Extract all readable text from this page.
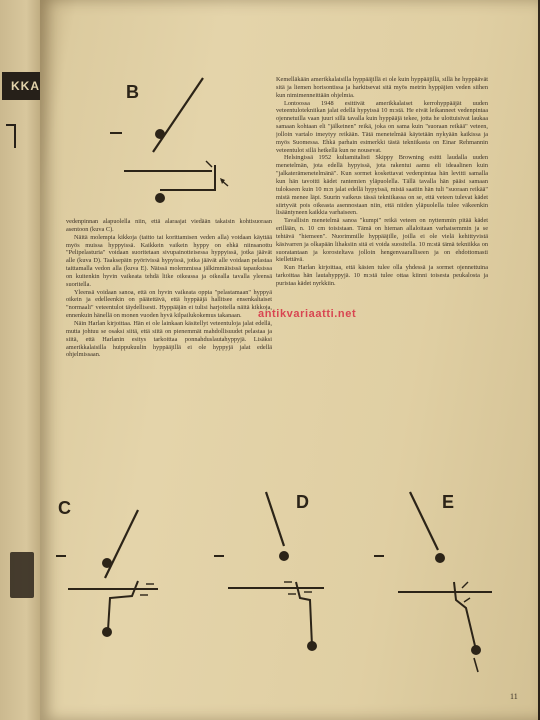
KKA	B

vedenpinnan alapuolella niin, että alaraajat viedään takaisin kohtisuoraan asentoon (kuva C).

Näitä molempia kikkoja (taitto tai korittamisen veden alla) voidaan käyttää myös muissa hyppyissä. Kaikkein vaikein hyppy on ehkä niinsanottu "Pelipelasturia" voidaan suoritetaan sivupainotteisessa hyppyissä, jotka jäävät alle (kuva D). Taaksepäin pyörivissä hypyissä, jotka jäävät alle voidaan pelastaa taittamalla vedon alla (kuva E). Näissä molemmissa jälkimmäisissä tapauksissa on kuitenkin hyvin vaikeata tehdä liike oikeassa ja oikealla tavalla yleensä suoritella.

Yleensä voidaan sanoa, että on hyvin vaikeata oppia "pelastamaan" hyppyä oikein ja edelleenkin on päätettävä, että hyppääjä hallitsee ensenkaltaiset "normaali" veteentulot täydellisesti. Hyppääjän ei tulisi harjoitella näitä kikkoja, ennenkuin hänellä on monen vuoden hyvä kilpailukokemus takanaan.

Näin Harlan kirjoittaa. Hän ei ole lainkaan käsitellyt veteentuloja jalat edellä, mutta johtuu se osaksi siitä, että siitä on pienemmät mahdollisuudet pelastaa ja siitä, että Harlanin esitys tarkoittaa ponnahduslautahyppyjä. Lisäksi amerikkalaisilla huippukuulin hyppääjillä ei ole hyppyjä jalat edellä ohjelmissaan.

Kemelläkään amerikkalaisilla hyppääjillä ei ole kuin hyppääjillä, sillä he hyppäävät sitä ja liemen horisontissa ja harkitsevat sitä myös metrin hyppäjien veden siihen kun nimimenneittään ohjelmia.

Lontoossa 1948 esittivät amerikkalaiset kerrohyppääjät uuden veteentulotekniikan jalat edellä hypyissä 10 m:stä. He eivät leikanneet vedenpintaa ojennetuilla vaan juuri sillä tavalla kuin hyppääjä tekee, jotta he ulottuisivat laukaa samaan kohtaan eli "jälkeinen" reikä, joka on sama kuin "suoraan reikää" veteen, jolloin vartalo imeytyy reikään. Tätä menetelmää käytetään nykyään kaikissa ja myös Suomessa. Ehkä parhain esimerkki tästä tekniikasta on Einar Rehmannin veteentulot sillä hetkellä kun ne nousevat.

Helsingissä 1952 kultamitalisti Skippy Browning esitti laudalla uuden menetelmän, jota edellä hypyissä, jota rakentui aamu eli ideaalinen kuin "jalkaterämenetelmänä". Kun sormet koskettavat vedenpintaa hän levitti samalla kun hän tavoitti kädet rantemien yläpuolella. Tällä tavalla hän pääsi samaan tulokseen kuin 10 m:n jalat edellä hypyissä, mistä saatiin hän tuli "suoraan reikää" mistä menee läpi. Suurin vaikeus tässä tekniikassa on se, että veteen tulevat kädet siirtyvät pois oikeasta asennostaan niin, että niiden yläpuolella tulee väkeenkin lisääntyneen kaikkia varhaiseen.

Tavallisin menetelmä sanoa "kumpi" reikä veteen on nyttemmin pitää kädet erillään, n. 10 cm toisistaan. Tämä on hieman allaloitaan varhaisemmin ja se tehtävä "hiemeen". Nuorimmille hyppääjille, joilla ei ole vielä kehittyvistä käsivarren ja olkapään lihaksiin sitä ei voida suositella. 10 m:stä tämä tekniikka on suoratantaan ja korosteltava jolloin hengenvaaralliseen ja on ehdottomasti kiellettävä.

Kun Harlan kirjoittaa, että käsien tulee olla yhdessä ja sormet ojennettuina tarkoittaa hän lautahyppyjä. 10 m:stä tulee ottaa kiinni toisesta peukalosta ja puristaa kädet nyrkkiin.

antikvariaatti.net
C	D	E
11
